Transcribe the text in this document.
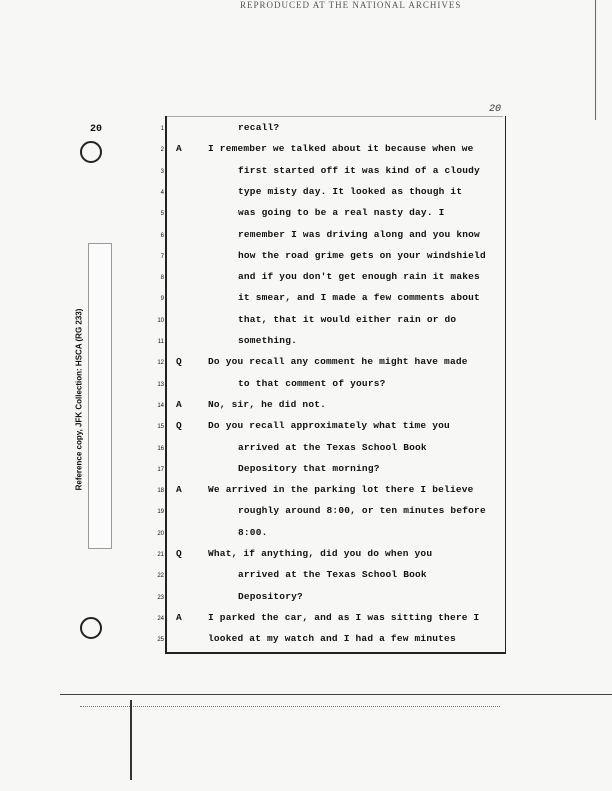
REPRODUCED AT THE NATIONAL ARCHIVES
Reference copy, JFK Collection: HSCA (RG 233)
20
20
1	recall?
2 A	I remember we talked about it because when we
3	first started off it was kind of a cloudy
4	type misty day. It looked as though it
5	was going to be a real nasty day. I
6	remember I was driving along and you know
7	how the road grime gets on your windshield
8	and if you don't get enough rain it makes
9	it smear, and I made a few comments about
10	that, that it would either rain or do
11	something.
12 Q	Do you recall any comment he might have made
13	to that comment of yours?
14 A	No, sir, he did not.
15 Q	Do you recall approximately what time you
16	arrived at the Texas School Book
17	Depository that morning?
18 A	We arrived in the parking lot there I believe
19	roughly around 8:00, or ten minutes before
20	8:00.
21 Q	What, if anything, did you do when you
22	arrived at the Texas School Book
23	Depository?
24 A	I parked the car, and as I was sitting there I
25	looked at my watch and I had a few minutes
